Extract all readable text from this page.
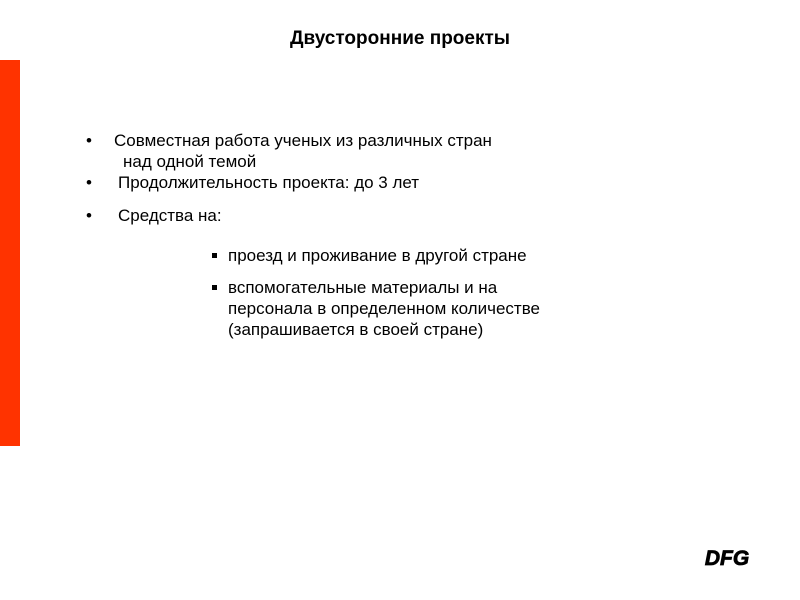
Двусторонние проекты
• Совместная работа ученых из различных стран
над одной темой
• Продолжительность проекта: до 3 лет
• Средства на:
проезд и проживание в другой стране
вспомогательные материалы и на
персонала в определенном количестве
(запрашивается в своей стране)
DFG
